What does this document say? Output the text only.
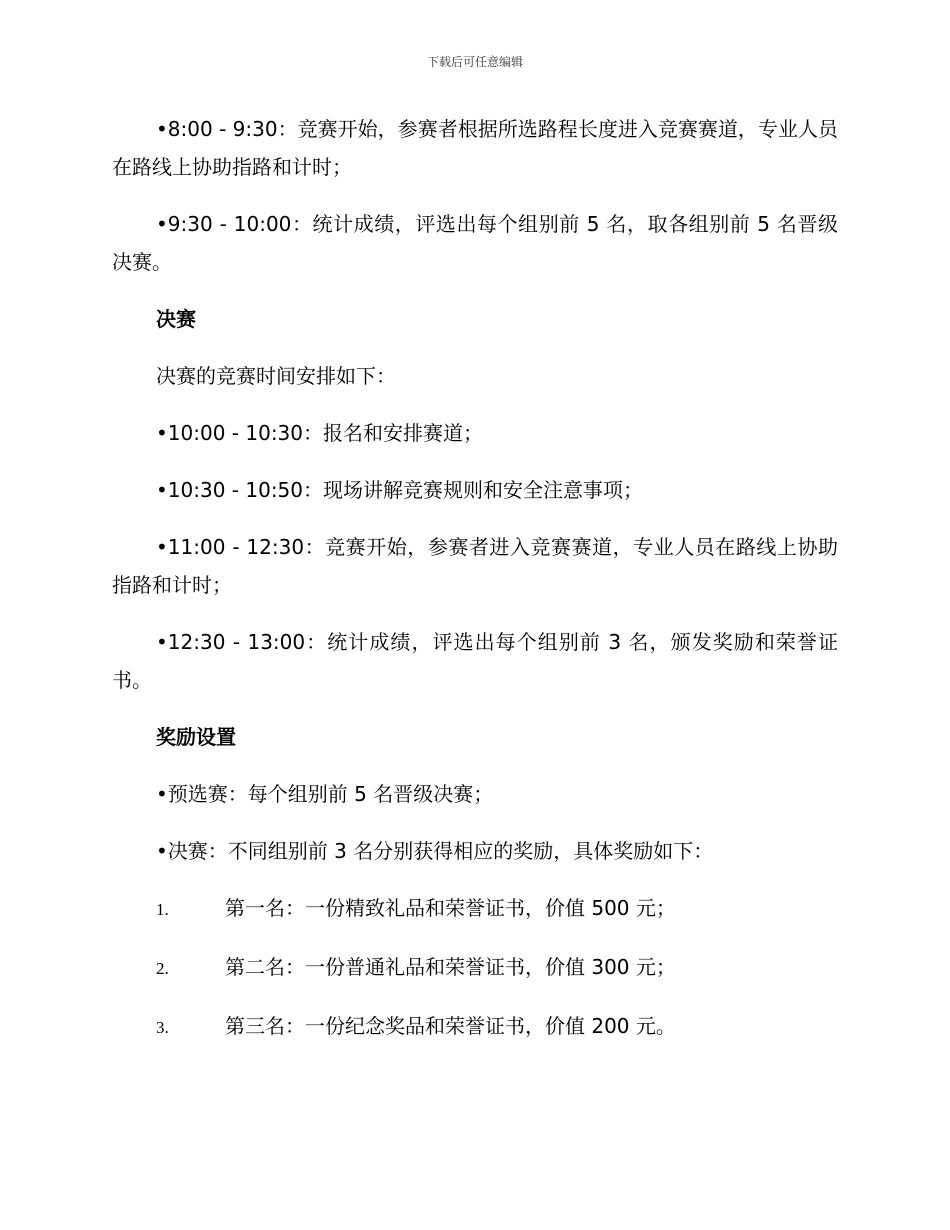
下载后可任意编辑

•8:00 - 9:30：竞赛开始，参赛者根据所选路程长度进入竞赛赛道，专业人员在路线上协助指路和计时；

•9:30 - 10:00：统计成绩，评选出每个组别前 5 名，取各组别前 5 名晋级决赛。

决赛

决赛的竞赛时间安排如下：

•10:00 - 10:30：报名和安排赛道；

•10:30 - 10:50：现场讲解竞赛规则和安全注意事项；

•11:00 - 12:30：竞赛开始，参赛者进入竞赛赛道，专业人员在路线上协助指路和计时；

•12:30 - 13:00：统计成绩，评选出每个组别前 3 名，颁发奖励和荣誉证书。

奖励设置

•预选赛：每个组别前 5 名晋级决赛；

•决赛：不同组别前 3 名分别获得相应的奖励，具体奖励如下：

1.	第一名：一份精致礼品和荣誉证书，价值 500 元；
2.	第二名：一份普通礼品和荣誉证书，价值 300 元；
3.	第三名：一份纪念奖品和荣誉证书，价值 200 元。
